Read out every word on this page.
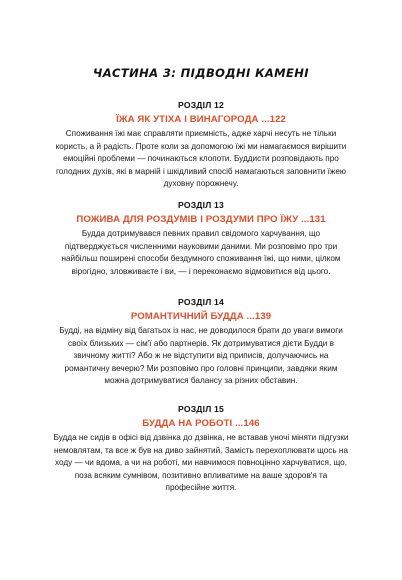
ЧАСТИНА 3: ПІДВОДНІ КАМЕНІ
РОЗДІЛ 12
ЇЖА ЯК УТІХА І ВИНАГОРОДА ...122
Споживання їжі має справляти приємність, адже харчі несуть не тільки користь, а й радість. Проте коли за допомогою їжі ми намагаємося вирішити емоційні проблеми — починаються клопоти. Буддисти розповідають про голодних духів, які в марній і шкідливий спосіб намагаються заповнити їжею духовну порожнечу.
РОЗДІЛ 13
ПОЖИВА ДЛЯ РОЗДУМІВ І РОЗДУМИ ПРО ЇЖУ ...131
Будда дотримувався певних правил свідомого харчування, що підтверджується численними науковими даними. Ми розповімо про три найбільш поширені способи бездумного споживання їжі, що ними, цілком вірогідно, зловживаєте і ви, — і переконаємо відмовитися від цього.
РОЗДІЛ 14
РОМАНТИЧНИЙ БУДДА ...139
Будді, на відміну від багатьох із нас, не доводилося брати до уваги вимоги своїх близьких — сім'ї або партнерів. Як дотримуватися дієти Будди в звичному житті? Або ж не відступити від приписів, долучаючись на романтичну вечерю? Ми розповімо про головні принципи, завдяки яким можна дотримуватися балансу за різних обставин.
РОЗДІЛ 15
БУДДА НА РОБОТІ ...146
Будда не сидів в офісі від дзвінка до дзвінка, не вставав уночі міняти підгузки немовлятам, та все ж був на диво зайнятий. Замість перехоплювати щось на ходу — чи вдома, а чи на роботі, ми навчимося повноцінно харчуватися, що, поза всяким сумнівом, позитивно впливатиме на ваше здоров'я та професійне життя.
